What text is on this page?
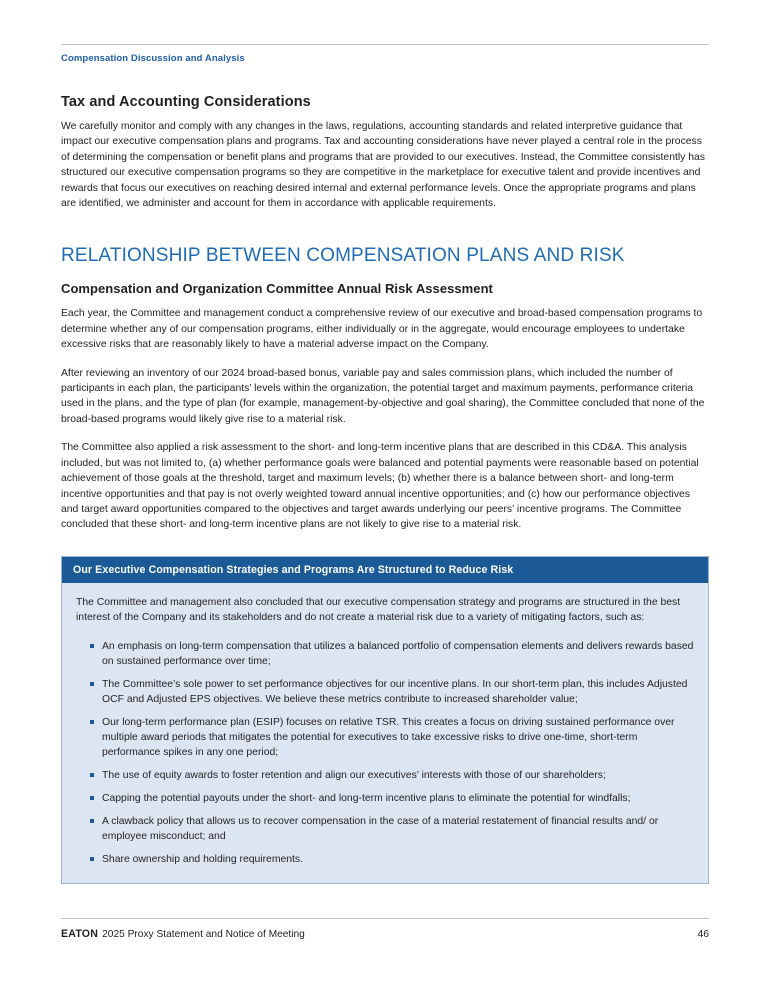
Compensation Discussion and Analysis
Tax and Accounting Considerations

We carefully monitor and comply with any changes in the laws, regulations, accounting standards and related interpretive guidance that impact our executive compensation plans and programs. Tax and accounting considerations have never played a central role in the process of determining the compensation or benefit plans and programs that are provided to our executives. Instead, the Committee consistently has structured our executive compensation programs so they are competitive in the marketplace for executive talent and provide incentives and rewards that focus our executives on reaching desired internal and external performance levels. Once the appropriate programs and plans are identified, we administer and account for them in accordance with applicable requirements.

RELATIONSHIP BETWEEN COMPENSATION PLANS AND RISK
Compensation and Organization Committee Annual Risk Assessment

Each year, the Committee and management conduct a comprehensive review of our executive and broad-based compensation programs to determine whether any of our compensation programs, either individually or in the aggregate, would encourage employees to undertake excessive risks that are reasonably likely to have a material adverse impact on the Company.

After reviewing an inventory of our 2024 broad-based bonus, variable pay and sales commission plans, which included the number of participants in each plan, the participants’ levels within the organization, the potential target and maximum payments, performance criteria used in the plans, and the type of plan (for example, management-by-objective and goal sharing), the Committee concluded that none of the broad-based programs would likely give rise to a material risk.

The Committee also applied a risk assessment to the short- and long-term incentive plans that are described in this CD&A. This analysis included, but was not limited to, (a) whether performance goals were balanced and potential payments were reasonable based on potential achievement of those goals at the threshold, target and maximum levels; (b) whether there is a balance between short- and long-term incentive opportunities and that pay is not overly weighted toward annual incentive opportunities; and (c) how our performance objectives and target award opportunities compared to the objectives and target awards underlying our peers’ incentive programs. The Committee concluded that these short- and long-term incentive plans are not likely to give rise to a material risk.

Our Executive Compensation Strategies and Programs Are Structured to Reduce Risk

The Committee and management also concluded that our executive compensation strategy and programs are structured in the best interest of the Company and its stakeholders and do not create a material risk due to a variety of mitigating factors, such as:

An emphasis on long-term compensation that utilizes a balanced portfolio of compensation elements and delivers rewards based on sustained performance over time;
The Committee’s sole power to set performance objectives for our incentive plans. In our short-term plan, this includes Adjusted OCF and Adjusted EPS objectives. We believe these metrics contribute to increased shareholder value;
Our long-term performance plan (ESIP) focuses on relative TSR. This creates a focus on driving sustained performance over multiple award periods that mitigates the potential for executives to take excessive risks to drive one-time, short-term performance spikes in any one period;
The use of equity awards to foster retention and align our executives’ interests with those of our shareholders;
Capping the potential payouts under the short- and long-term incentive plans to eliminate the potential for windfalls;
A clawback policy that allows us to recover compensation in the case of a material restatement of financial results and/ or employee misconduct; and
Share ownership and holding requirements.
EATON 2025 Proxy Statement and Notice of Meeting	46
